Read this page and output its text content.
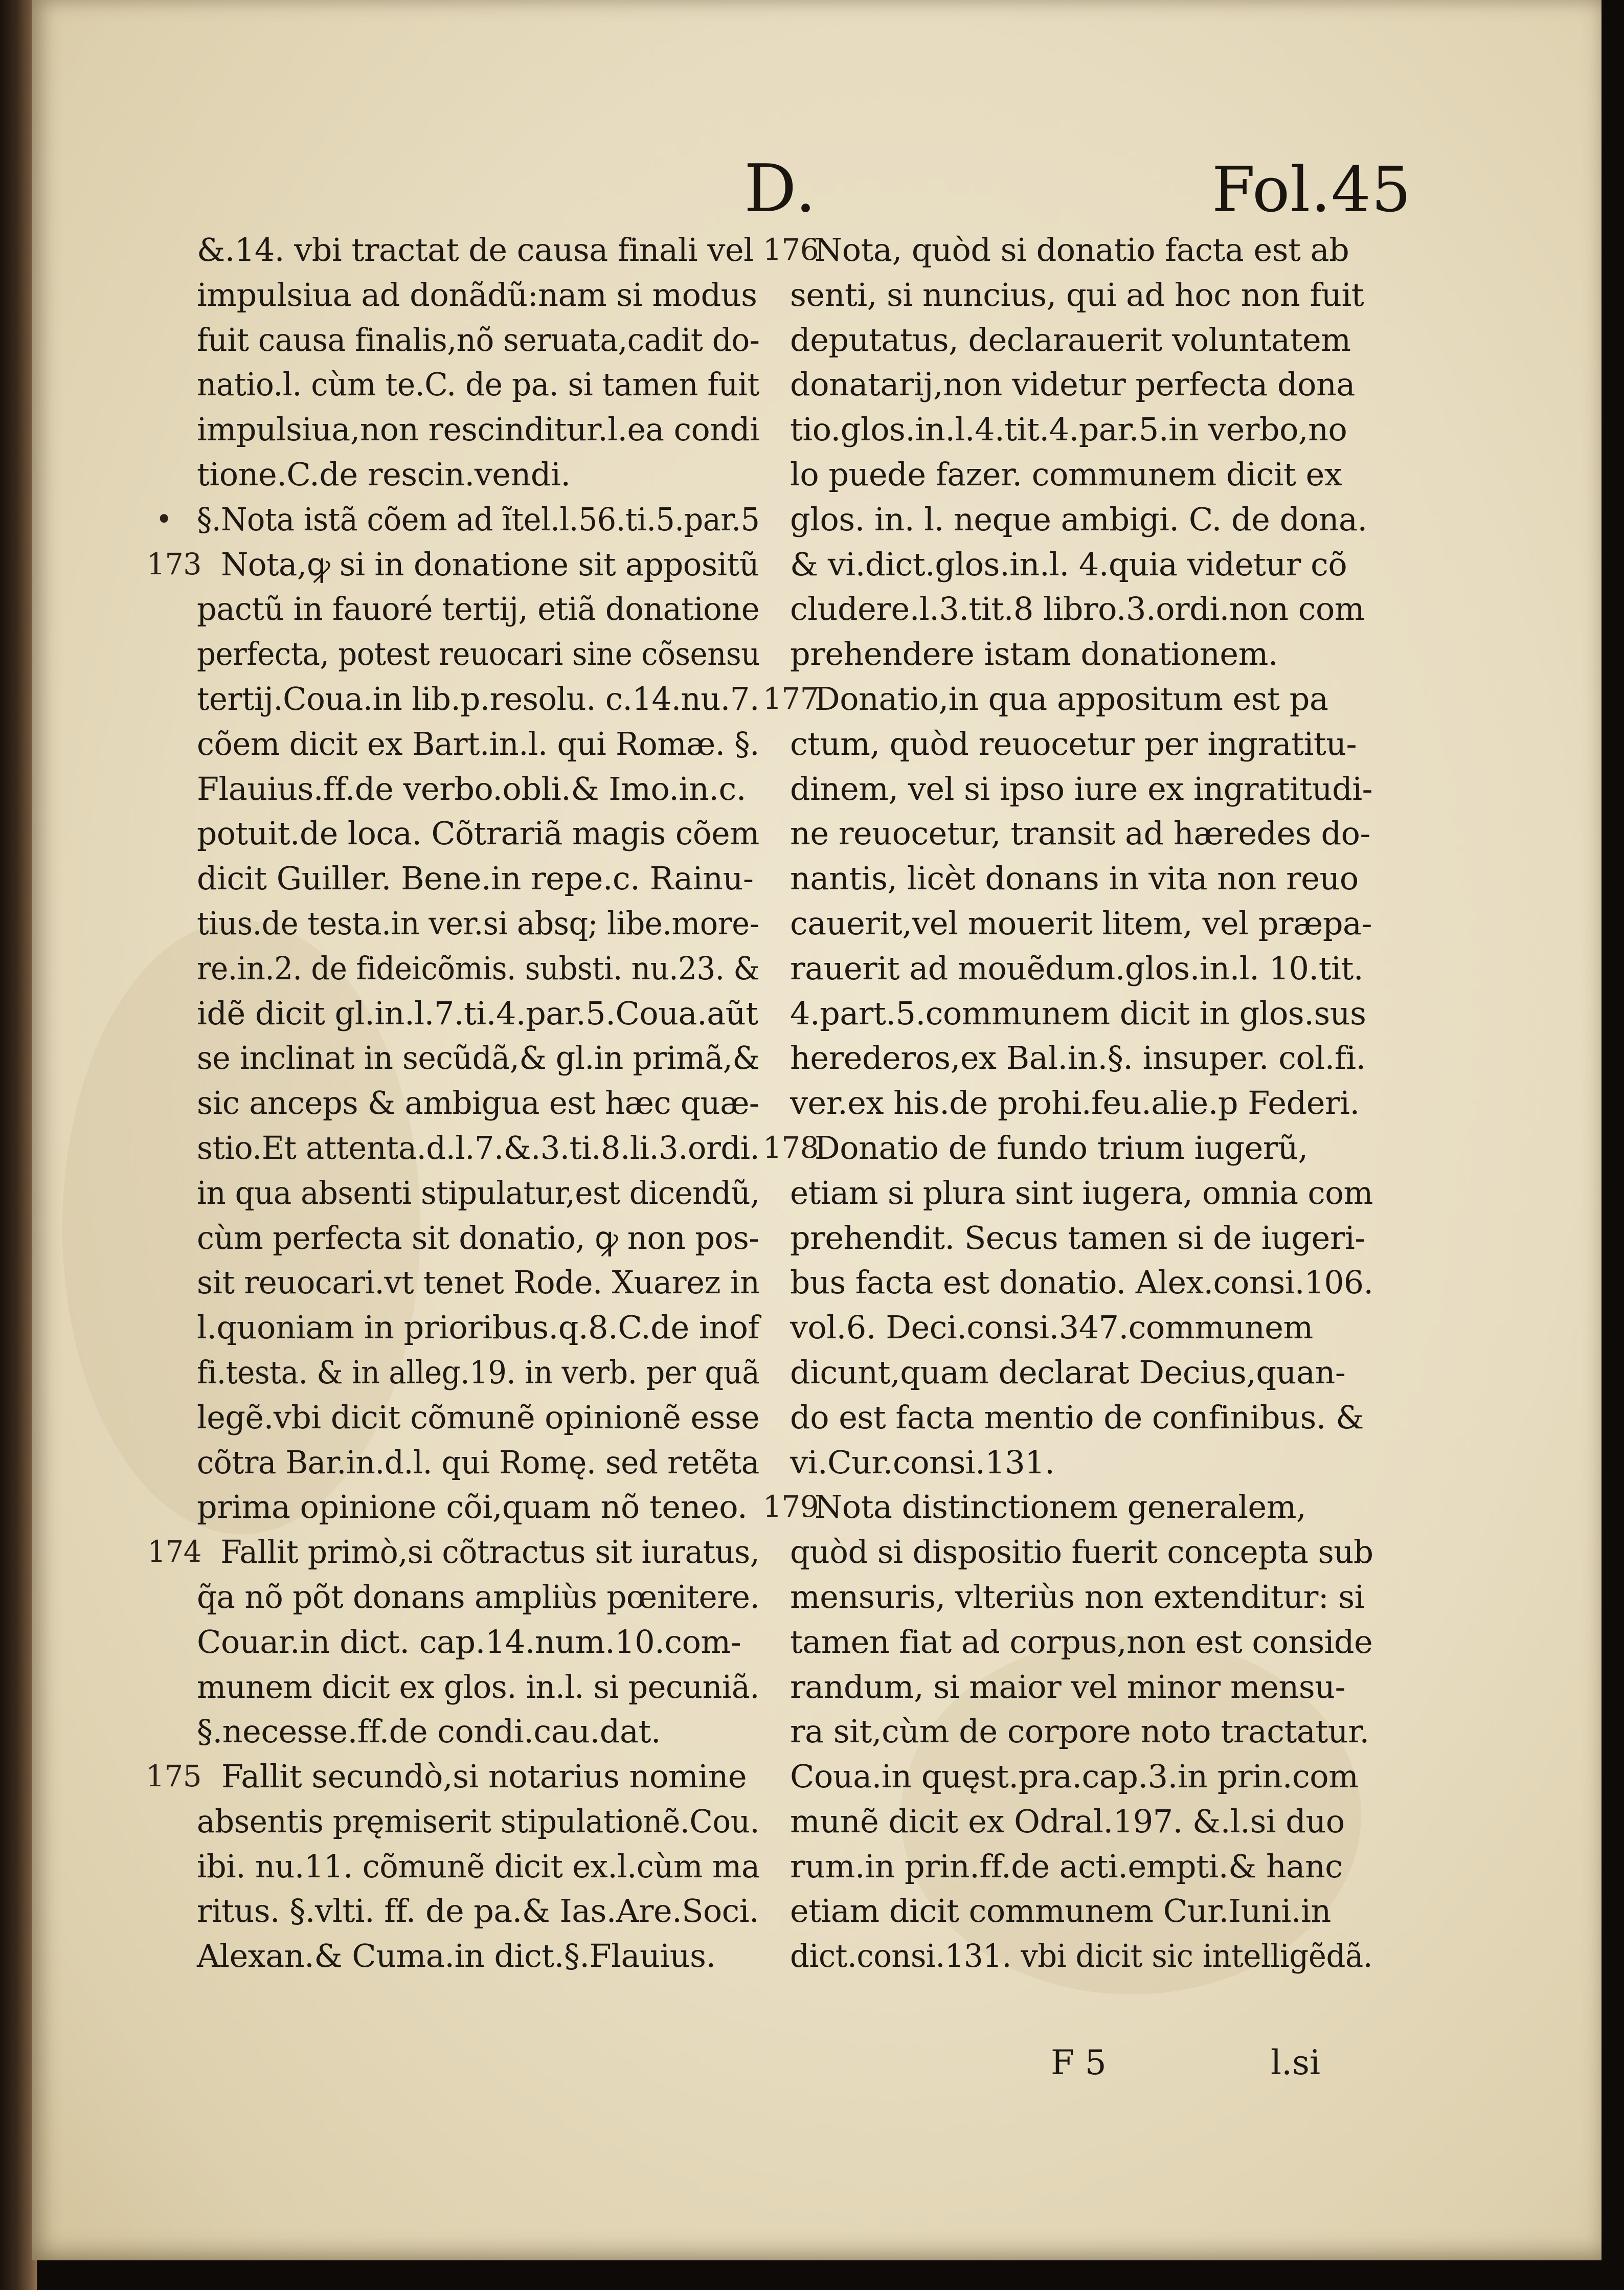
D.	Fol.45
&.14. vbi tractat de causa finali vel
impulsiua ad donãdũ:nam si modus
fuit causa finalis,nõ seruata,cadit do-
natio.l. cùm te.C. de pa. si tamen fuit
impulsiua,non rescinditur.l.ea condi
tione.C.de rescin.vendi.
• §.Nota istã cõem ad ĩtel.l.56.ti.5.par.5
173 Nota,ꝙ si in donatione sit appositũ
pactũ in fauoré tertij, etiã donatione
perfecta, potest reuocari sine cõsensu
tertij.Coua.in lib.p.resolu. c.14.nu.7.
cõem dicit ex Bart.in.l. qui Romæ. §.
Flauius.ff.de verbo.obli.& Imo.in.c.
potuit.de loca. Cõtrariã magis cõem
dicit Guiller. Bene.in repe.c. Rainu-
tius.de testa.in ver.si absq; libe.more-
re.in.2. de fideicõmis. substi. nu.23. &
idẽ dicit gl.in.l.7.ti.4.par.5.Coua.aũt
se inclinat in secũdã,& gl.in primã,&
sic anceps & ambigua est hæc quæ-
stio.Et attenta.d.l.7.&.3.ti.8.li.3.ordi.
in qua absenti stipulatur,est dicendũ,
cùm perfecta sit donatio, ꝙ non pos-
sit reuocari.vt tenet Rode. Xuarez in
l.quoniam in prioribus.q.8.C.de inof
fi.testa. & in alleg.19. in verb. per quã
legẽ.vbi dicit cõmunẽ opinionẽ esse
cõtra Bar.in.d.l. qui Romę. sed retẽta
prima opinione cõi,quam nõ teneo.
174 Fallit primò,si cõtractus sit iuratus,
q̃a nõ põt donans ampliùs pœnitere.
Couar.in dict. cap.14.num.10.com-
munem dicit ex glos. in.l. si pecuniã.
§.necesse.ff.de condi.cau.dat.
175 Fallit secundò,si notarius nomine
absentis pręmiserit stipulationẽ.Cou.
ibi. nu.11. cõmunẽ dicit ex.l.cùm ma
ritus. §.vlti. ff. de pa.& Ias.Are.Soci.
Alexan.& Cuma.in dict.§.Flauius.
176
Nota, quòd si donatio facta est ab
senti, si nuncius, qui ad hoc non fuit
deputatus, declarauerit voluntatem
donatarij,non videtur perfecta dona
tio.glos.in.l.4.tit.4.par.5.in verbo,no
lo puede fazer. communem dicit ex
glos. in. l. neque ambigi. C. de dona.
& vi.dict.glos.in.l. 4.quia videtur cõ
cludere.l.3.tit.8 libro.3.ordi.non com
prehendere istam donationem.
177
Donatio,in qua appositum est pa
ctum, quòd reuocetur per ingratitu-
dinem, vel si ipso iure ex ingratitudi-
ne reuocetur, transit ad hæredes do-
nantis, licèt donans in vita non reuo
cauerit,vel mouerit litem, vel præpa-
rauerit ad mouẽdum.glos.in.l. 10.tit.
4.part.5.communem dicit in glos.sus
herederos,ex Bal.in.§. insuper. col.fi.
ver.ex his.de prohi.feu.alie.p Federi.
178
Donatio de fundo trium iugerũ,
etiam si plura sint iugera, omnia com
prehendit. Secus tamen si de iugeri-
bus facta est donatio. Alex.consi.106.
vol.6. Deci.consi.347.communem
dicunt,quam declarat Decius,quan-
do est facta mentio de confinibus. &
vi.Cur.consi.131.
179
Nota distinctionem generalem,
quòd si dispositio fuerit concepta sub
mensuris, vlteriùs non extenditur: si
tamen fiat ad corpus,non est conside
randum, si maior vel minor mensu-
ra sit,cùm de corpore noto tractatur.
Coua.in quęst.pra.cap.3.in prin.com
munẽ dicit ex Odral.197. &.l.si duo
rum.in prin.ff.de acti.empti.& hanc
etiam dicit communem Cur.Iuni.in
dict.consi.131. vbi dicit sic intelligẽdã.
F 5	l.si
